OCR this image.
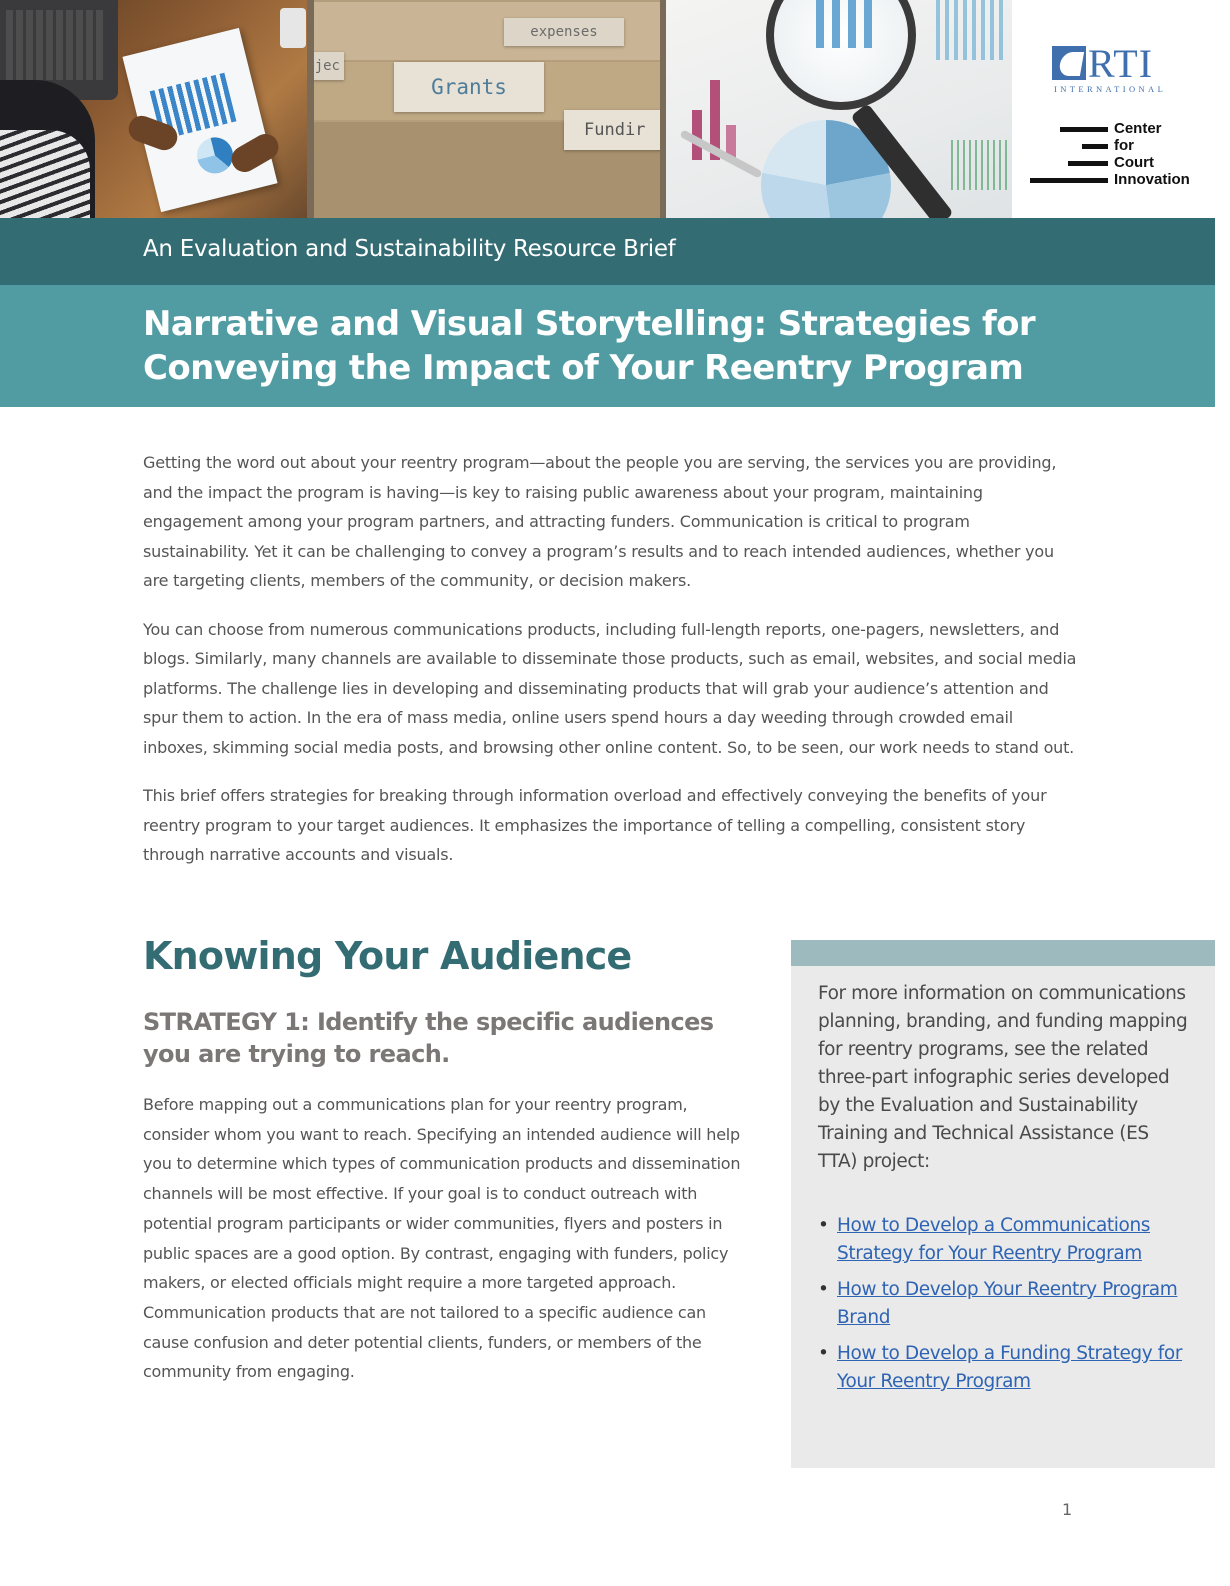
expenses
jec
Grants
Fundir
RTI
INTERNATIONAL
Center
for
Court
Innovation
An Evaluation and Sustainability Resource Brief
Narrative and Visual Storytelling: Strategies for
Conveying the Impact of Your Reentry Program

Getting the word out about your reentry program—about the people you are serving, the services you are providing, and the impact the program is having—is key to raising public awareness about your program, maintaining engagement among your program partners, and attracting funders. Communication is critical to program sustainability. Yet it can be challenging to convey a program’s results and to reach intended audiences, whether you are targeting clients, members of the community, or decision makers.

You can choose from numerous communications products, including full-length reports, one-pagers, newsletters, and blogs. Similarly, many channels are available to disseminate those products, such as email, websites, and social media platforms. The challenge lies in developing and disseminating products that will grab your audience’s attention and spur them to action. In the era of mass media, online users spend hours a day weeding through crowded email inboxes, skimming social media posts, and browsing other online content. So, to be seen, our work needs to stand out.

This brief offers strategies for breaking through information overload and effectively conveying the benefits of your reentry program to your target audiences. It emphasizes the importance of telling a compelling, consistent story through narrative accounts and visuals.

Knowing Your Audience
STRATEGY 1: Identify the specific audiences you are trying to reach.

Before mapping out a communications plan for your reentry program, consider whom you want to reach. Specifying an intended audience will help you to determine which types of communication products and dissemination channels will be most effective. If your goal is to conduct outreach with potential program participants or wider communities, flyers and posters in public spaces are a good option. By contrast, engaging with funders, policy makers, or elected officials might require a more targeted approach. Communication products that are not tailored to a specific audience can cause confusion and deter potential clients, funders, or members of the community from engaging.

For more information on communications planning, branding, and funding mapping for reentry programs, see the related three-part infographic series developed by the Evaluation and Sustainability Training and Technical Assistance (ES TTA) project:

• How to Develop a Communications Strategy for Your Reentry Program
• How to Develop Your Reentry Program Brand
• How to Develop a Funding Strategy for Your Reentry Program
1
